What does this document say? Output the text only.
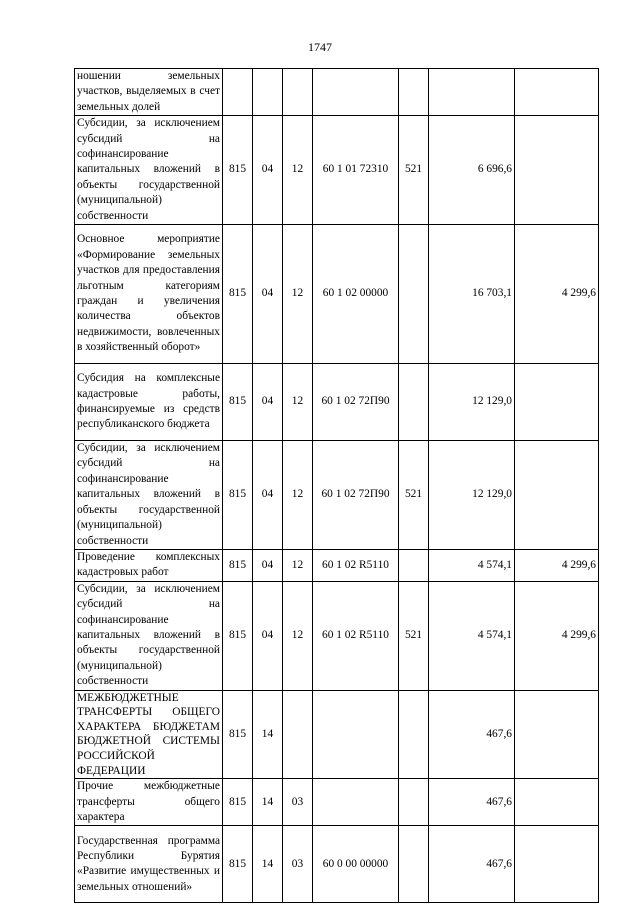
1747
ношении земельных участков, выделяемых в счет земельных долей							
Субсидии, за исключением субсидий на софинансирование капитальных вложений в объекты государственной (муниципальной) собственности	815	04	12	60 1 01 72310	521	6 696,6	
Основное мероприятие «Формирование земельных участков для предоставления льготным категориям граждан и увеличения количества объектов недвижимости, вовлеченных в хозяйственный оборот»	815	04	12	60 1 02 00000		16 703,1	4 299,6
Субсидия на комплексные кадастровые работы, финансируемые из средств республиканского бюджета	815	04	12	60 1 02 72П90		12 129,0	
Субсидии, за исключением субсидий на софинансирование капитальных вложений в объекты государственной (муниципальной) собственности	815	04	12	60 1 02 72П90	521	12 129,0	
Проведение комплексных кадастровых работ	815	04	12	60 1 02 R5110		4 574,1	4 299,6
Субсидии, за исключением субсидий на софинансирование капитальных вложений в объекты государственной (муниципальной) собственности	815	04	12	60 1 02 R5110	521	4 574,1	4 299,6
МЕЖБЮДЖЕТНЫЕ ТРАНСФЕРТЫ ОБЩЕГО ХАРАКТЕРА БЮДЖЕТАМ БЮДЖЕТНОЙ СИСТЕМЫ РОССИЙСКОЙ ФЕДЕРАЦИИ	815	14				467,6	
Прочие межбюджетные трансферты общего характера	815	14	03			467,6	
Государственная программа Республики Бурятия «Развитие имущественных и земельных отношений»	815	14	03	60 0 00 00000		467,6	
